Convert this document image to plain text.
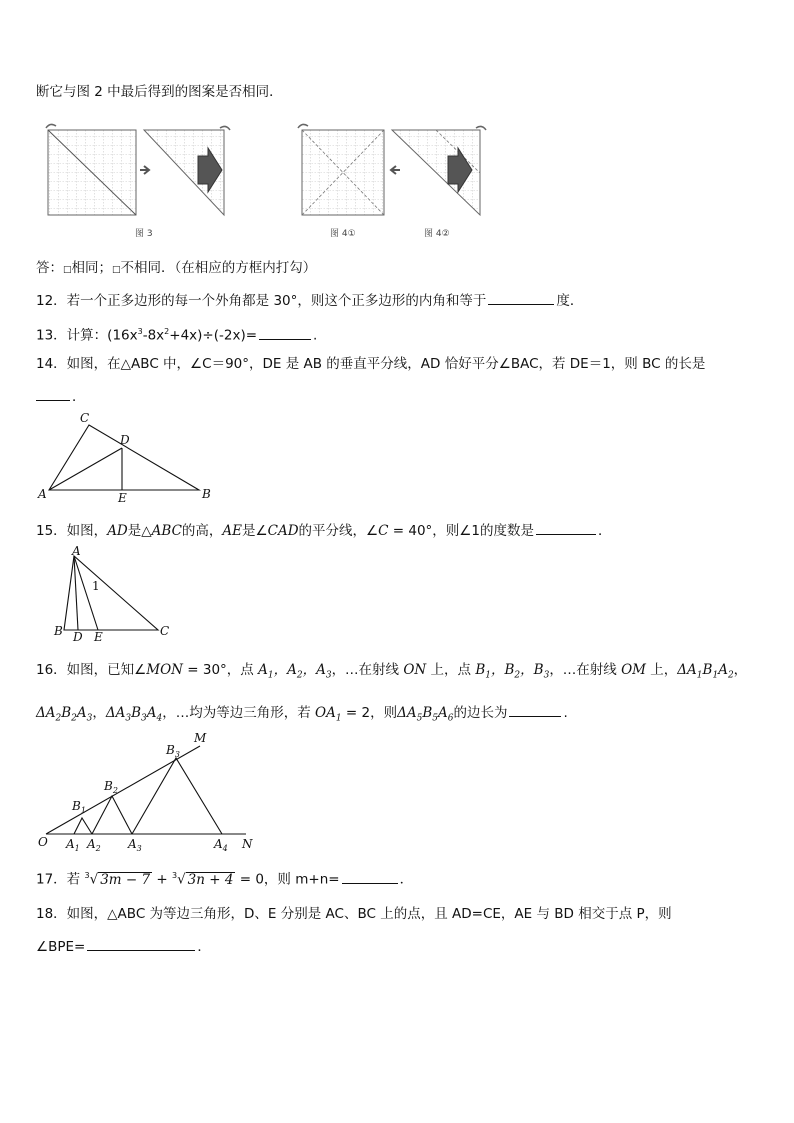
断它与图 2 中最后得到的图案是否相同．
图 3	图 4①	图 4②
答：□相同；□不相同．（在相应的方框内打勾）
12．若一个正多边形的每一个外角都是 30°，则这个正多边形的内角和等于	度．
13．计算：$(16x^3-8x^2+4x)\div(-2x)=$	.
14．如图，在△ABC 中，∠C＝90°，DE 是 AB 的垂直平分线，AD 恰好平分∠BAC，若 DE＝1，则 BC 的长是
．
A	B
C
D
E
15．如图，AD是△ABC的高，AE是∠CAD的平分线，∠C = 40°，则∠1的度数是	．
A
B	C
D E
1
16．如图，已知∠MON = 30°，点 $A_1$，$A_2$，$A_3$，…在射线 ON 上，点 $B_1$，$B_2$，$B_3$，…在射线 OM 上，$\Delta A_1B_1A_2$，
$\Delta A_2B_2A_3$，$\Delta A_3B_3A_4$，…均为等边三角形，若 $OA_1 = 2$，则$\Delta A_5B_5A_6$的边长为	.
O	N
M
$A_1$ $A_2$ $A_3$	$A_4$
$B_1$
$B_2$
$B_3$
17．若 $^3$√ 3m − 7 + $^3$√ 3n + 4 = 0，则 m+n=	．
18．如图，△ABC 为等边三角形，D、E 分别是 AC、BC 上的点，且 AD=CE，AE 与 BD 相交于点 P，则
∠BPE=	．
